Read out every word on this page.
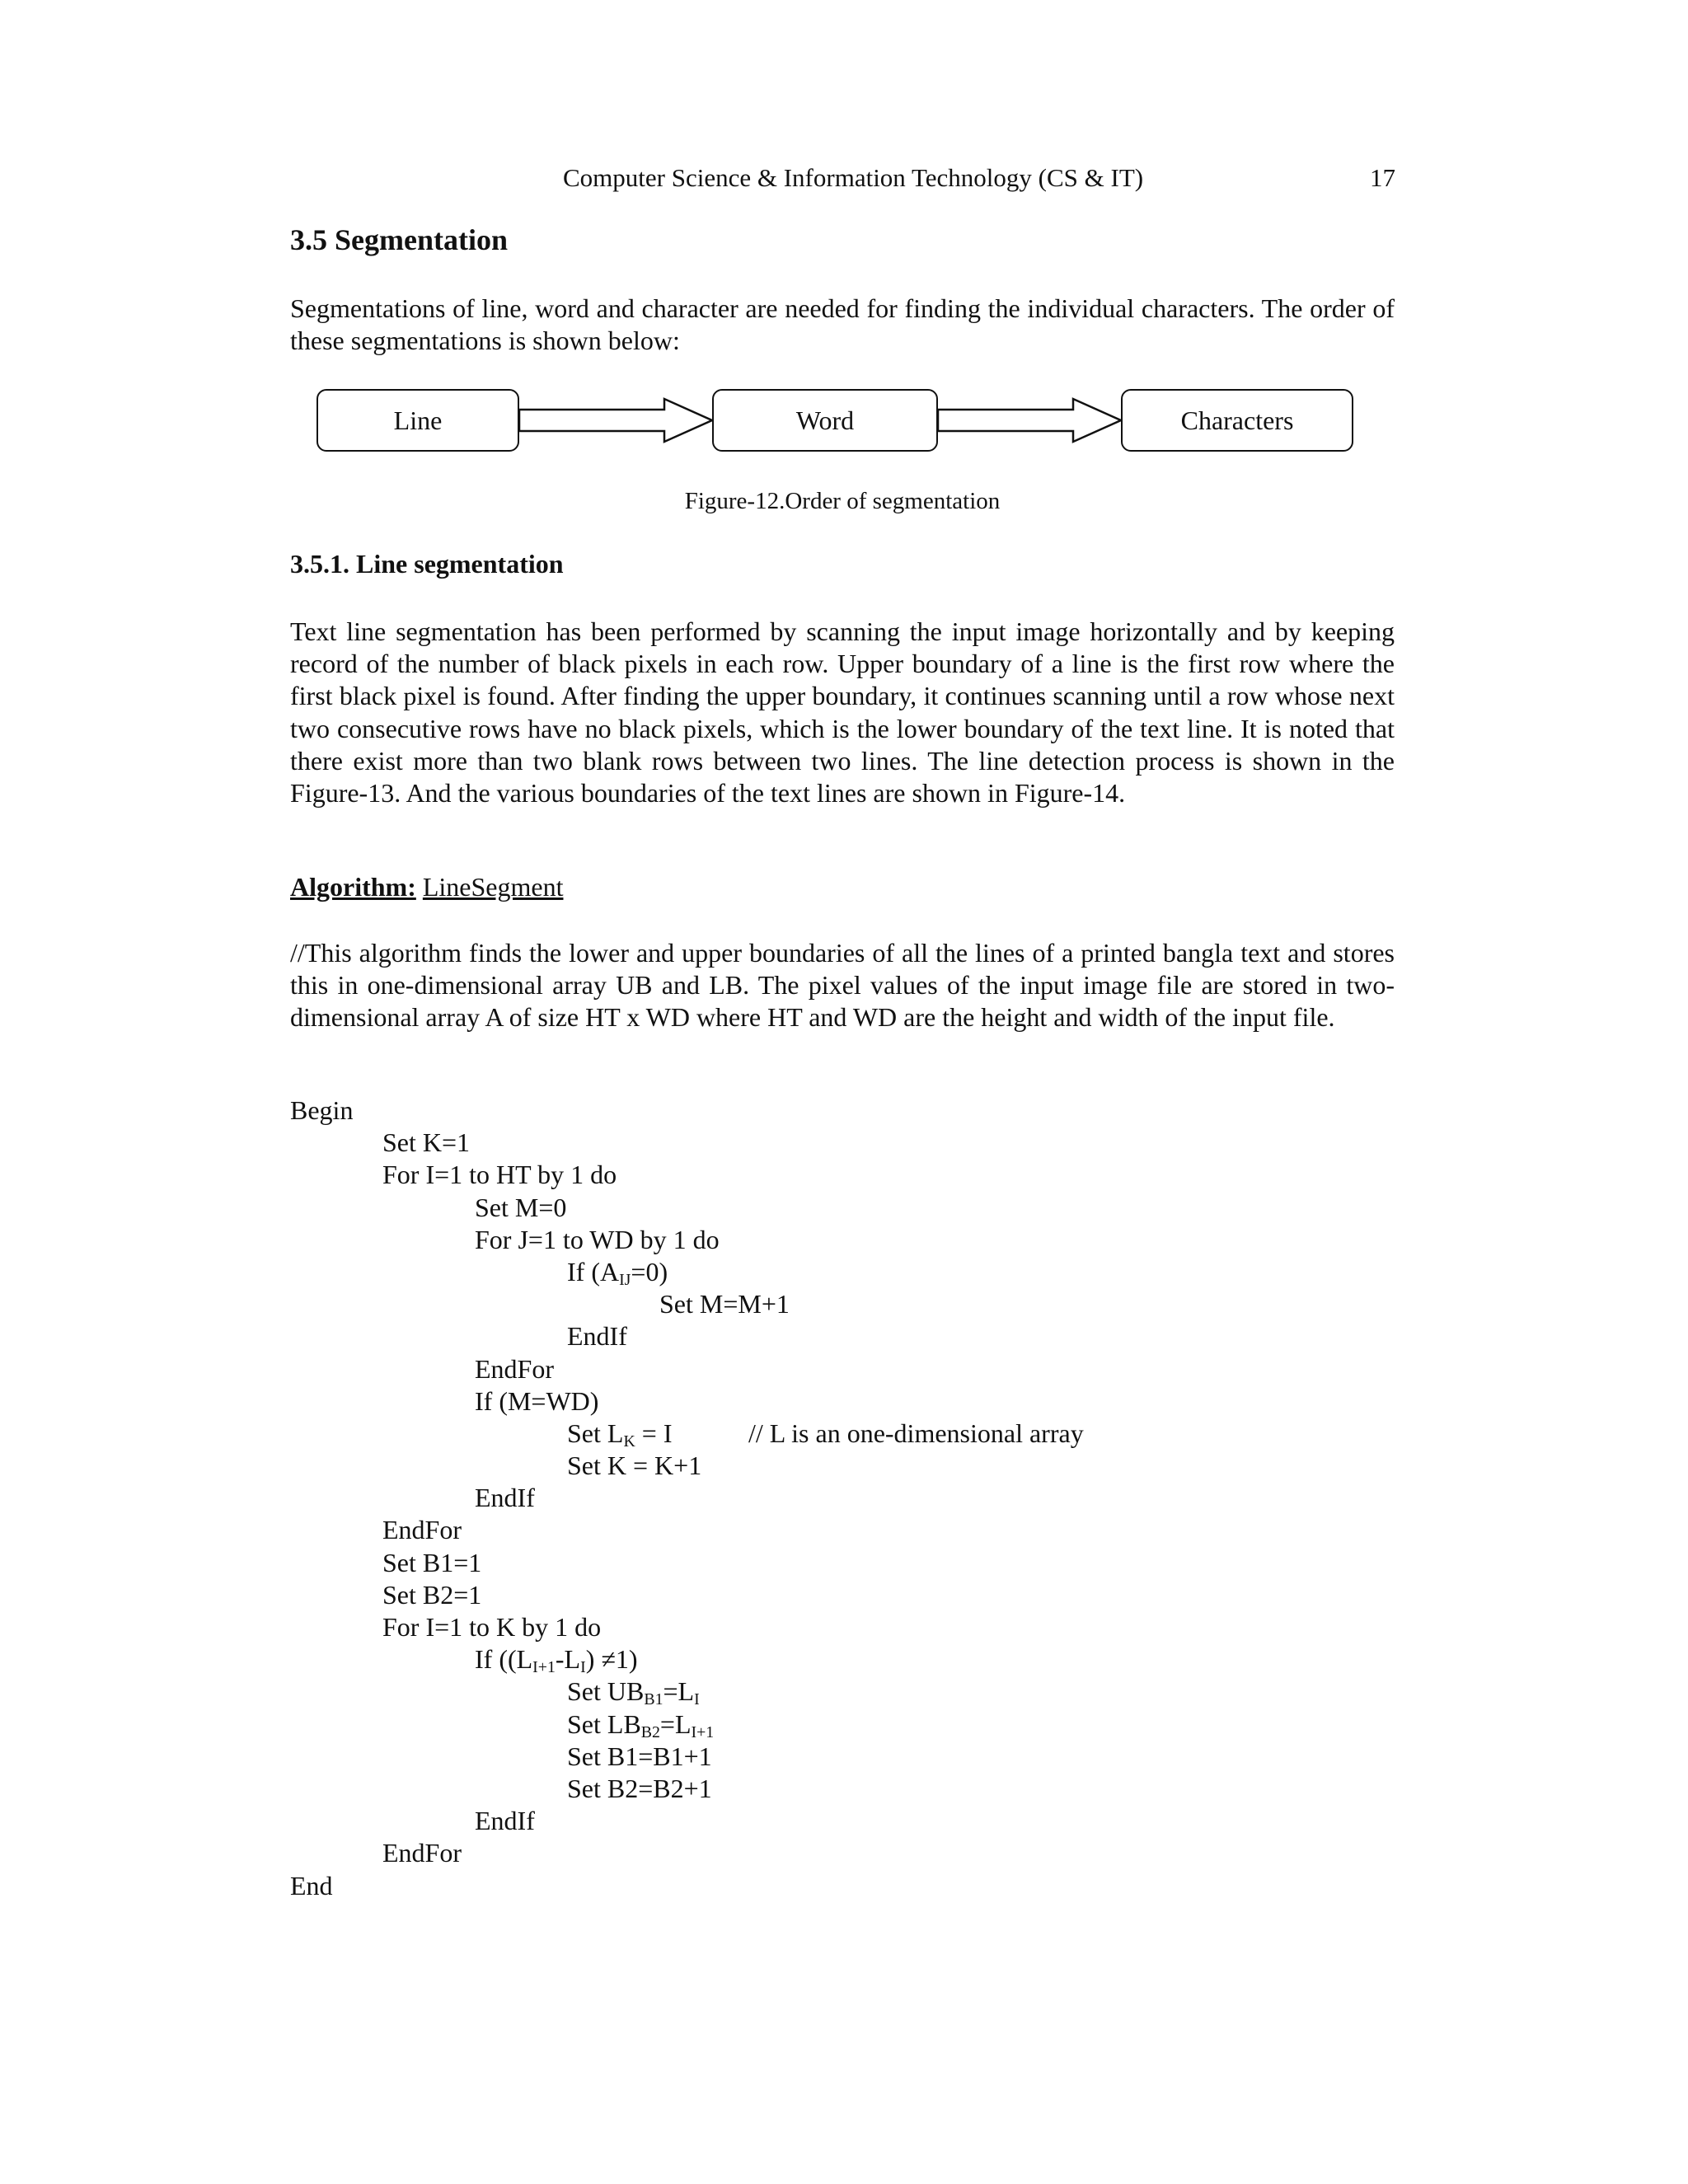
Computer Science & Information Technology (CS & IT)	17
3.5 Segmentation

Segmentations of line, word and character are needed for finding the individual characters. The order of these segmentations is shown below:

Line	Word	Characters
Figure-12.Order of segmentation
3.5.1. Line segmentation

Text line segmentation has been performed by scanning the input image horizontally and by keeping record of the number of black pixels in each row. Upper boundary of a line is the first row where the first black pixel is found. After finding the upper boundary, it continues scanning until a row whose next two consecutive rows have no black pixels, which is the lower boundary of the text line. It is noted that there exist more than two blank rows between two lines. The line detection process is shown in the Figure-13. And the various boundaries of the text lines are shown in Figure-14.

Algorithm: LineSegment

//This algorithm finds the lower and upper boundaries of all the lines of a printed bangla text and stores this in one-dimensional array UB and LB. The pixel values of the input image file are stored in two-dimensional array A of size HT x WD where HT and WD are the height and width of the input file.

Begin
Set K=1
For I=1 to HT by 1 do
Set M=0
For J=1 to WD by 1 do
If $(A_{IJ}=0)$
Set M=M+1
EndIf
EndFor
If (M=WD)
Set $L_K = I$	// L is an one-dimensional array
Set K = K+1
EndIf
EndFor
Set B1=1
Set B2=1
For I=1 to K by 1 do
If $((L_{I+1}-L_I) \ne 1)$
Set $UB_{B1}=L_I$
Set $LB_{B2}=L_{I+1}$
Set B1=B1+1
Set B2=B2+1
EndIf
EndFor
End
